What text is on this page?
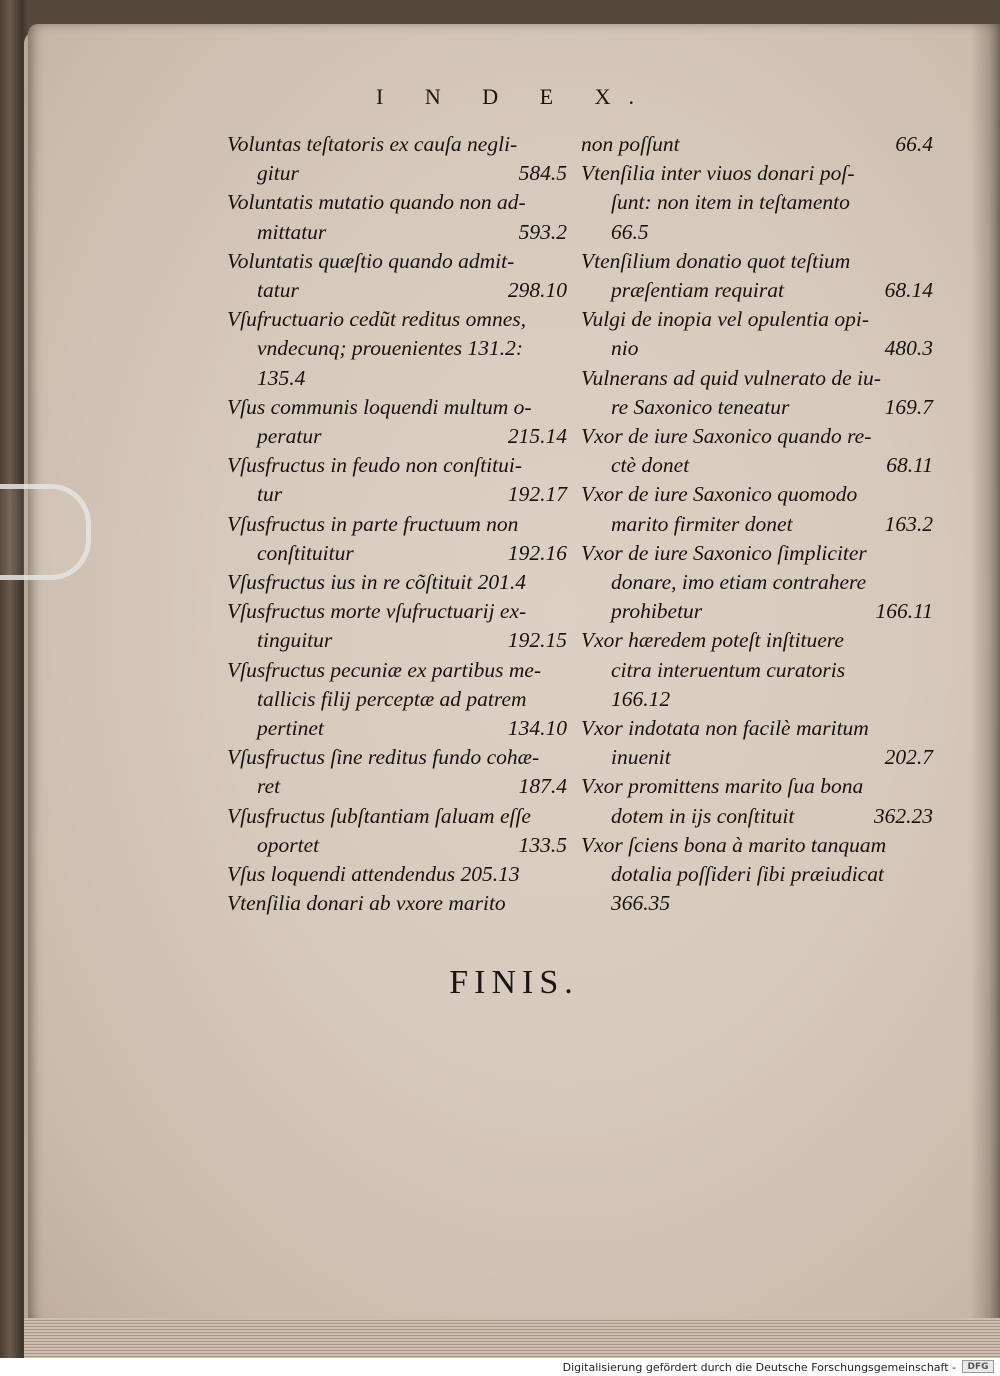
I N D E X.
Voluntas teſtatoris ex cauſa negli-
gitur	584.5
Voluntatis mutatio quando non ad-
mittatur	593.2
Voluntatis quæſtio quando admit-
tatur	298.10
Vſufructuario cedũt reditus omnes,
vndecunq; prouenientes 131.2:
135.4
Vſus communis loquendi multum o-
peratur	215.14
Vſusfructus in feudo non conſtitui-
tur	192.17
Vſusfructus in parte fructuum non
conſtituitur	192.16
Vſusfructus ius in re cõſtituit 201.4
Vſusfructus morte vſufructuarij ex-
tinguitur	192.15
Vſusfructus pecuniæ ex partibus me-
tallicis filij perceptæ ad patrem
pertinet	134.10
Vſusfructus ſine reditus fundo cohæ-
ret	187.4
Vſusfructus ſubſtantiam ſaluam eſſe
oportet	133.5
Vſus loquendi attendendus 205.13
Vtenſilia donari ab vxore marito
non poſſunt	66.4
Vtenſilia inter viuos donari poſ-
ſunt: non item in teſtamento
66.5
Vtenſilium donatio quot teſtium
præſentiam requirat	68.14
Vulgi de inopia vel opulentia opi-
nio	480.3
Vulnerans ad quid vulnerato de iu-
re Saxonico teneatur	169.7
Vxor de iure Saxonico quando re-
ctè donet	68.11
Vxor de iure Saxonico quomodo
marito firmiter donet	163.2
Vxor de iure Saxonico ſimpliciter
donare, imo etiam contrahere
prohibetur	166.11
Vxor hæredem poteſt inſtituere
citra interuentum curatoris
166.12
Vxor indotata non facilè maritum
inuenit	202.7
Vxor promittens marito ſua bona
dotem in ijs conſtituit	362.23
Vxor ſciens bona à marito tanquam
dotalia poſſideri ſibi præiudicat
366.35
FINIS.
Digitalisierung gefördert durch die Deutsche Forschungsgemeinschaft -	DFG
